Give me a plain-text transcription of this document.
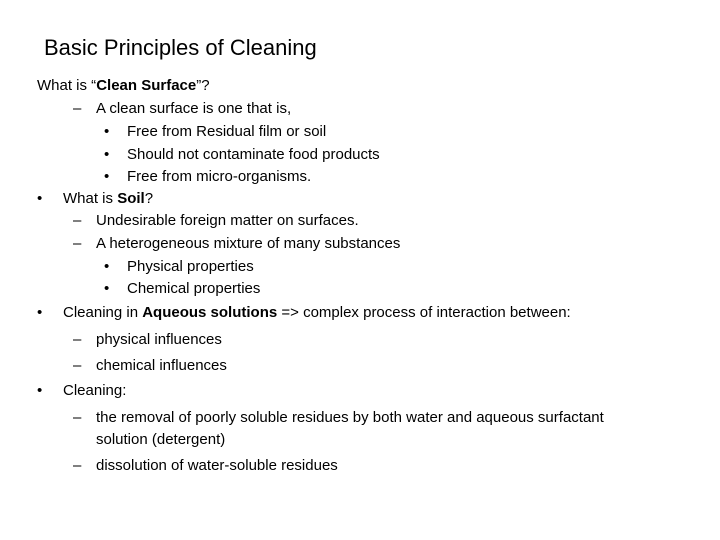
Basic Principles of Cleaning
What is “Clean Surface”?
– A clean surface is one that is,
• Free from Residual film or soil
• Should not contaminate food products
• Free from micro-organisms.
• What is Soil?
– Undesirable foreign matter on surfaces.
– A heterogeneous mixture of many substances
• Physical properties
• Chemical properties
• Cleaning in Aqueous solutions => complex process of interaction between:
– physical influences
– chemical influences
• Cleaning:
– the removal of poorly soluble residues by both water and aqueous surfactant
solution (detergent)
– dissolution of water-soluble residues
